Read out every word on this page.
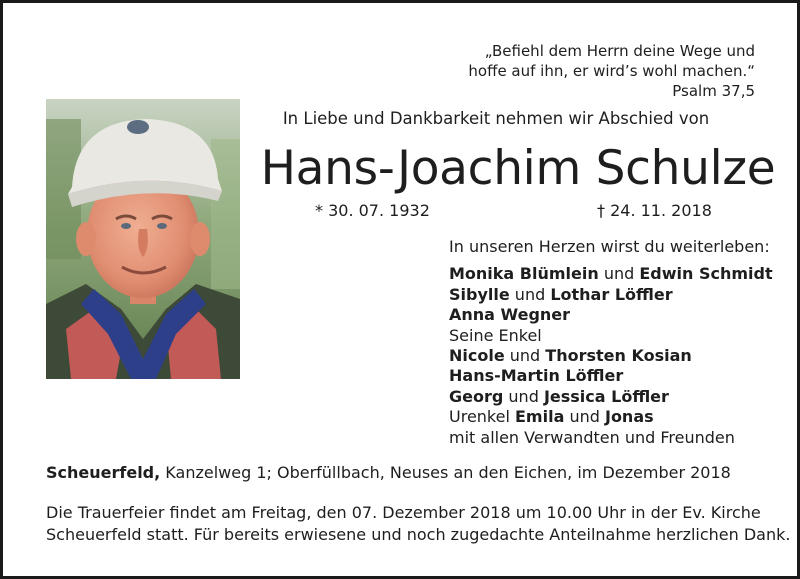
„Befiehl dem Herrn deine Wege und
hoffe auf ihn, er wird’s wohl machen.“
Psalm 37,5
In Liebe und Dankbarkeit nehmen wir Abschied von
Hans-Joachim Schulze
* 30. 07. 1932	† 24. 11. 2018
In unseren Herzen wirst du weiterleben:
Monika Blümlein und Edwin Schmidt
Sibylle und Lothar Löffler
Anna Wegner
Seine Enkel
Nicole und Thorsten Kosian
Hans-Martin Löffler
Georg und Jessica Löffler
Urenkel Emila und Jonas
mit allen Verwandten und Freunden
Scheuerfeld, Kanzelweg 1; Oberfüllbach, Neuses an den Eichen, im Dezember 2018
Die Trauerfeier findet am Freitag, den 07. Dezember 2018 um 10.00 Uhr in der Ev. Kirche
Scheuerfeld statt. Für bereits erwiesene und noch zugedachte Anteilnahme herzlichen Dank.
